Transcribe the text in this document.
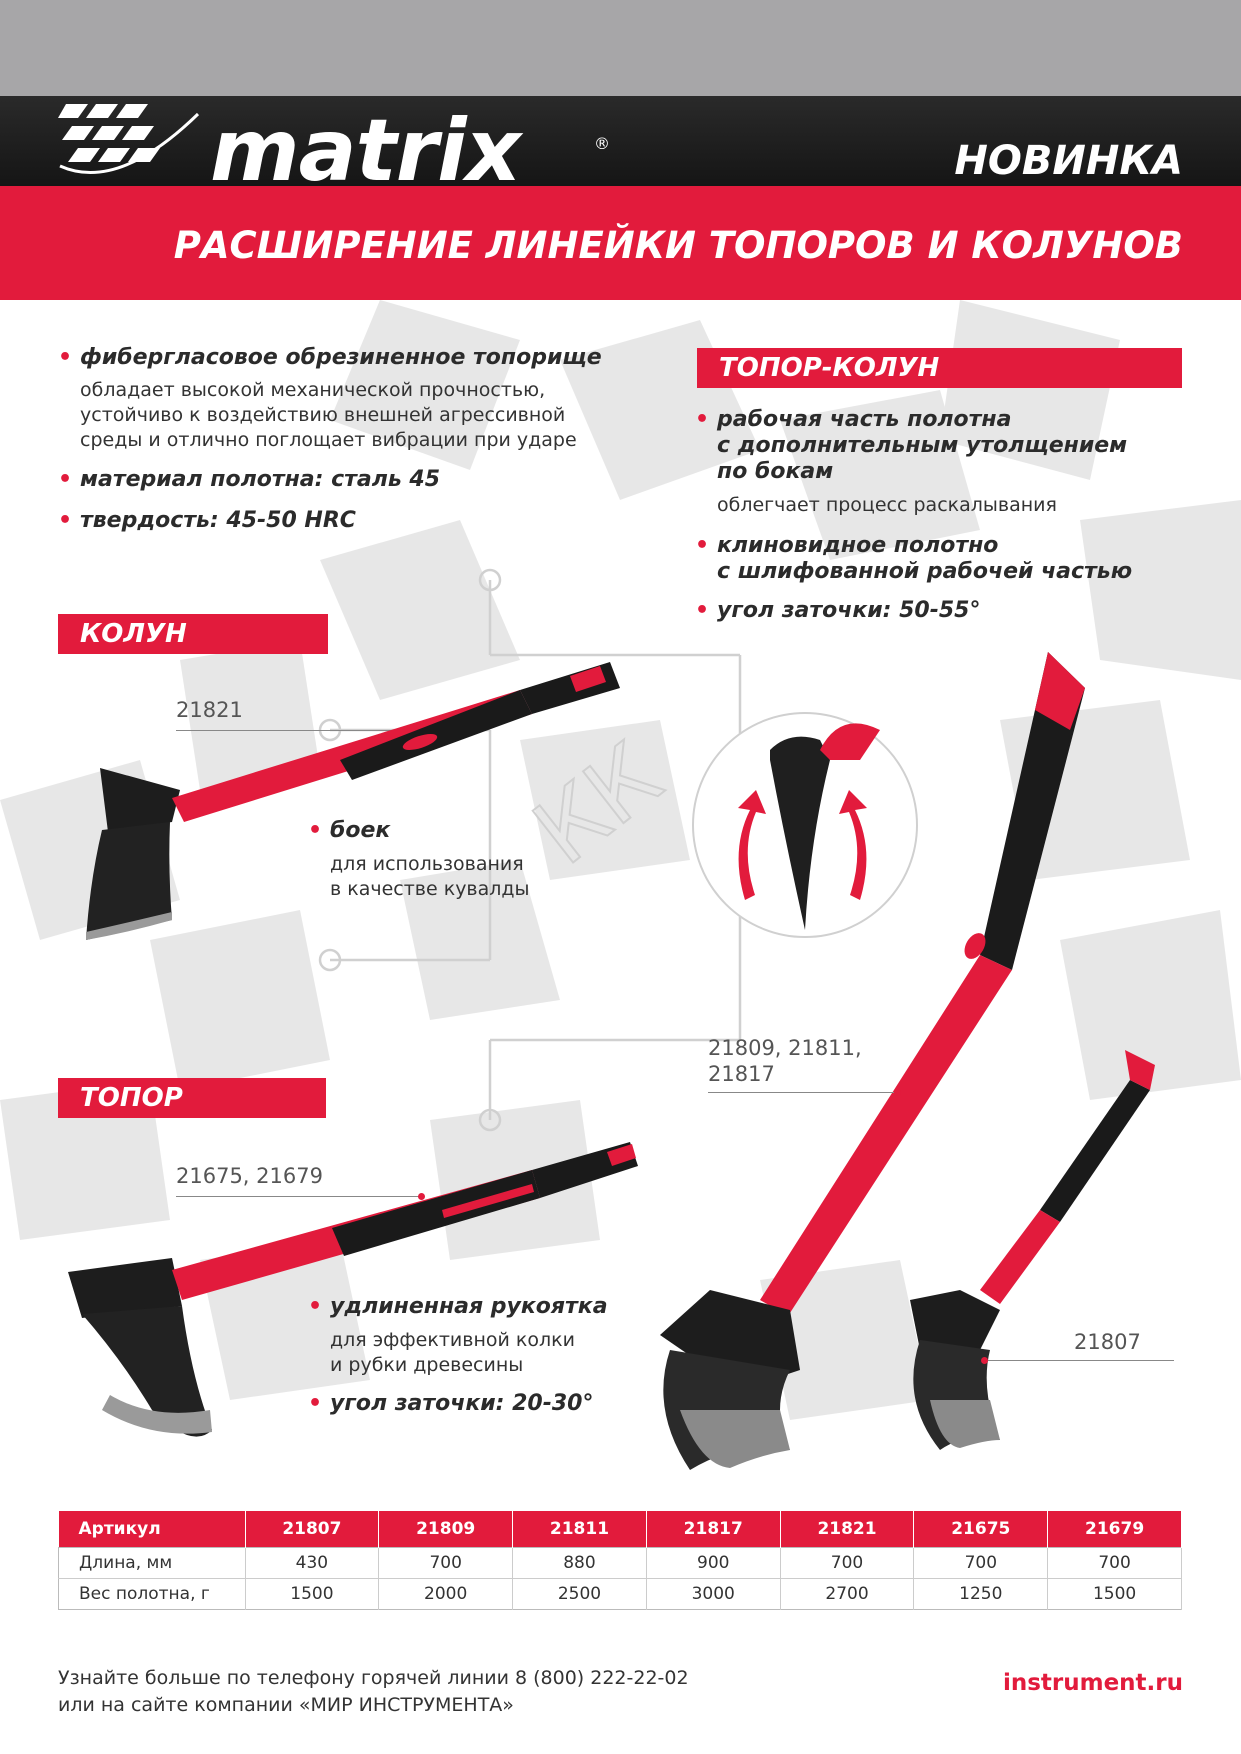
matrix	®	НОВИНКА
РАСШИРЕНИЕ ЛИНЕЙКИ ТОПОРОВ И КОЛУНОВ
КК
• фибергласовое обрезиненное топорище
обладает высокой механической прочностью,
устойчиво к воздействию внешней агрессивной
среды и отлично поглощает вибрации при ударе
• материал полотна: сталь 45
• твердость: 45-50 HRC
ТОПОР-КОЛУН
• рабочая часть полотна
с дополнительным утолщением
по бокам
облегчает процесс раскалывания
• клиновидное полотно
с шлифованной рабочей частью
• угол заточки: 50-55°
КОЛУН
21821
• боек
для использования
в качестве кувалды
21809, 21811,
21817
21807
ТОПОР
21675, 21679
• удлиненная рукоятка
для эффективной колки
и рубки древесины
• угол заточки: 20-30°
Артикул	21807	21809	21811	21817	21821	21675	21679
Длина, мм	430	700	880	900	700	700	700
Вес полотна, г	1500	2000	2500	3000	2700	1250	1500
Узнайте больше по телефону горячей линии 8 (800) 222-22-02
или на сайте компании «МИР ИНСТРУМЕНТА»
instrument.ru
